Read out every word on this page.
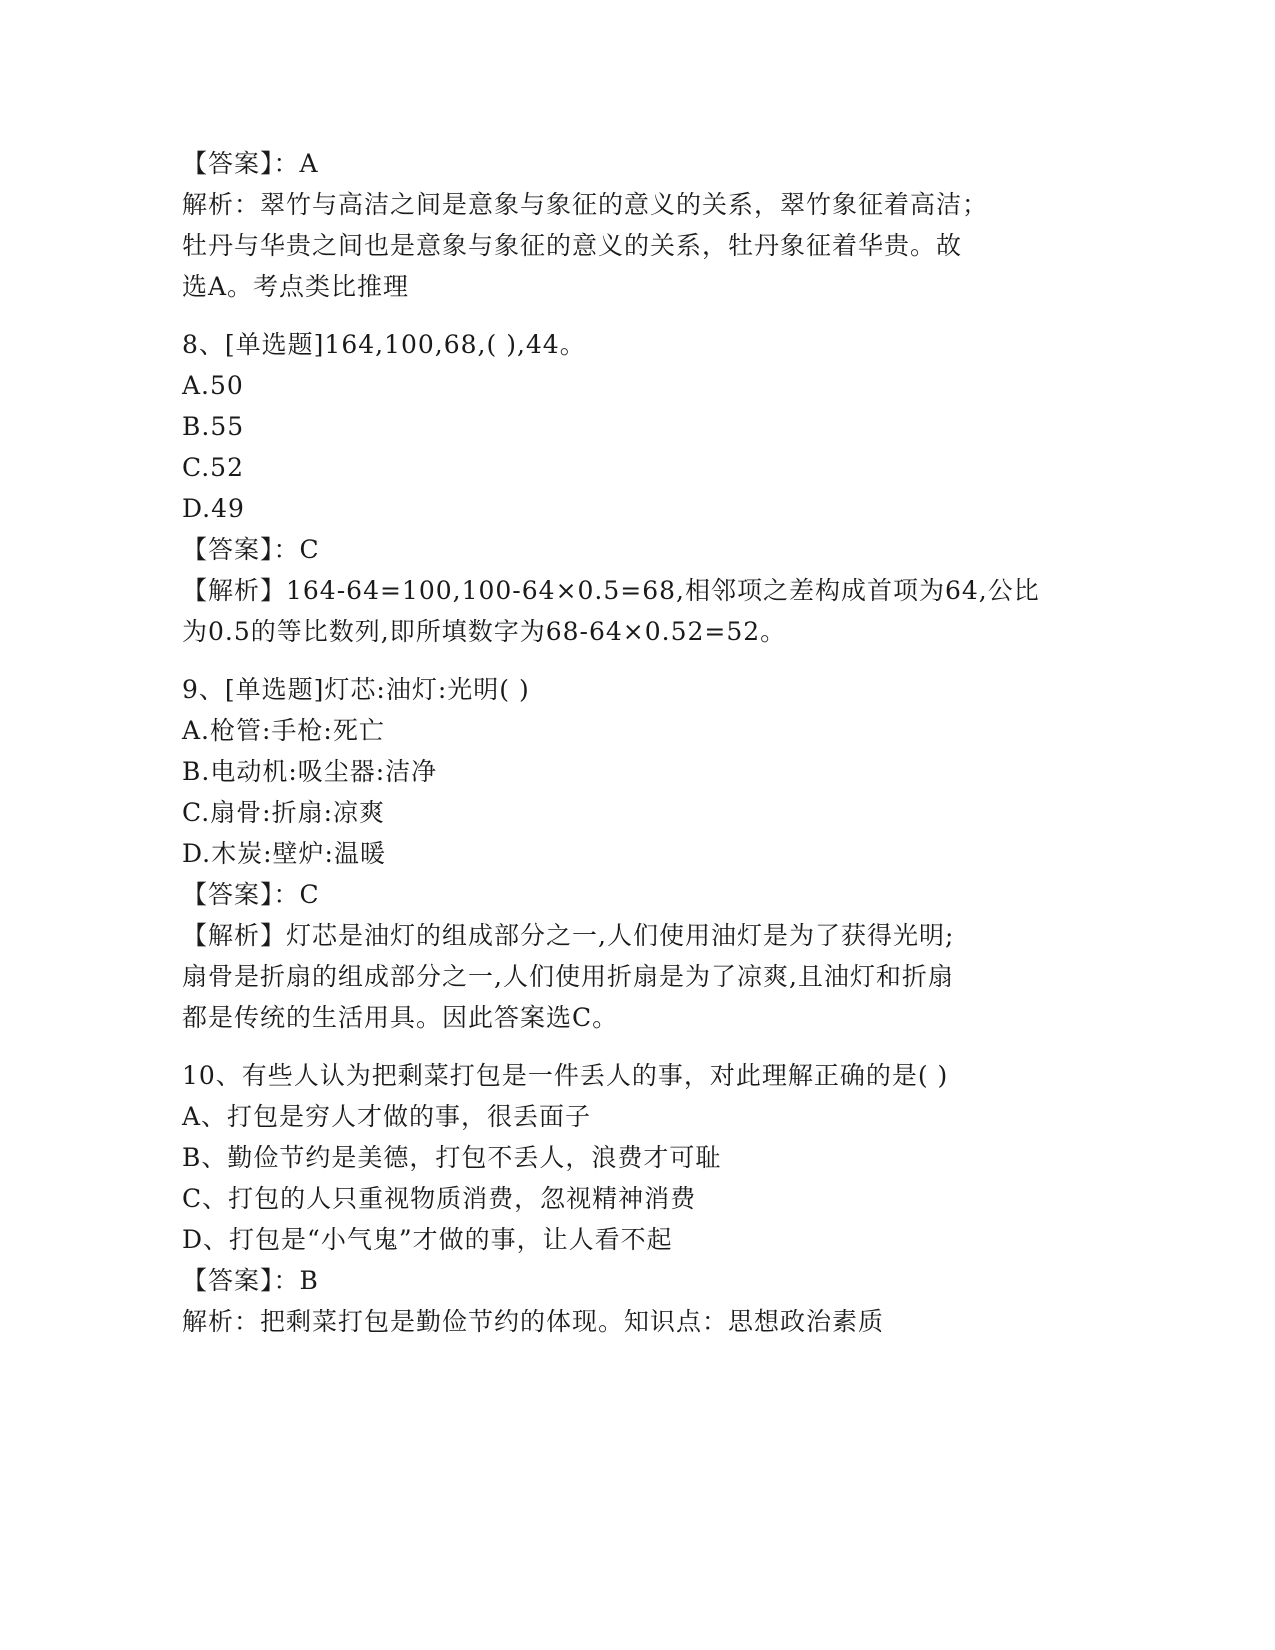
【答案】：A
解析：翠竹与高洁之间是意象与象征的意义的关系，翠竹象征着高洁；
牡丹与华贵之间也是意象与象征的意义的关系，牡丹象征着华贵。故
选A。考点类比推理
8、[单选题]164,100,68,( ),44。
A.50
B.55
C.52
D.49
【答案】：C
【解析】164-64=100,100-64×0.5=68,相邻项之差构成首项为64,公比
为0.5的等比数列,即所填数字为68-64×0.52=52。
9、[单选题]灯芯:油灯:光明( )
A.枪管:手枪:死亡
B.电动机:吸尘器:洁净
C.扇骨:折扇:凉爽
D.木炭:壁炉:温暖
【答案】：C
【解析】灯芯是油灯的组成部分之一,人们使用油灯是为了获得光明;
扇骨是折扇的组成部分之一,人们使用折扇是为了凉爽,且油灯和折扇
都是传统的生活用具。因此答案选C。
10、有些人认为把剩菜打包是一件丢人的事，对此理解正确的是( )
A、打包是穷人才做的事，很丢面子
B、勤俭节约是美德，打包不丢人，浪费才可耻
C、打包的人只重视物质消费，忽视精神消费
D、打包是“小气鬼”才做的事，让人看不起
【答案】：B
解析：把剩菜打包是勤俭节约的体现。知识点：思想政治素质
